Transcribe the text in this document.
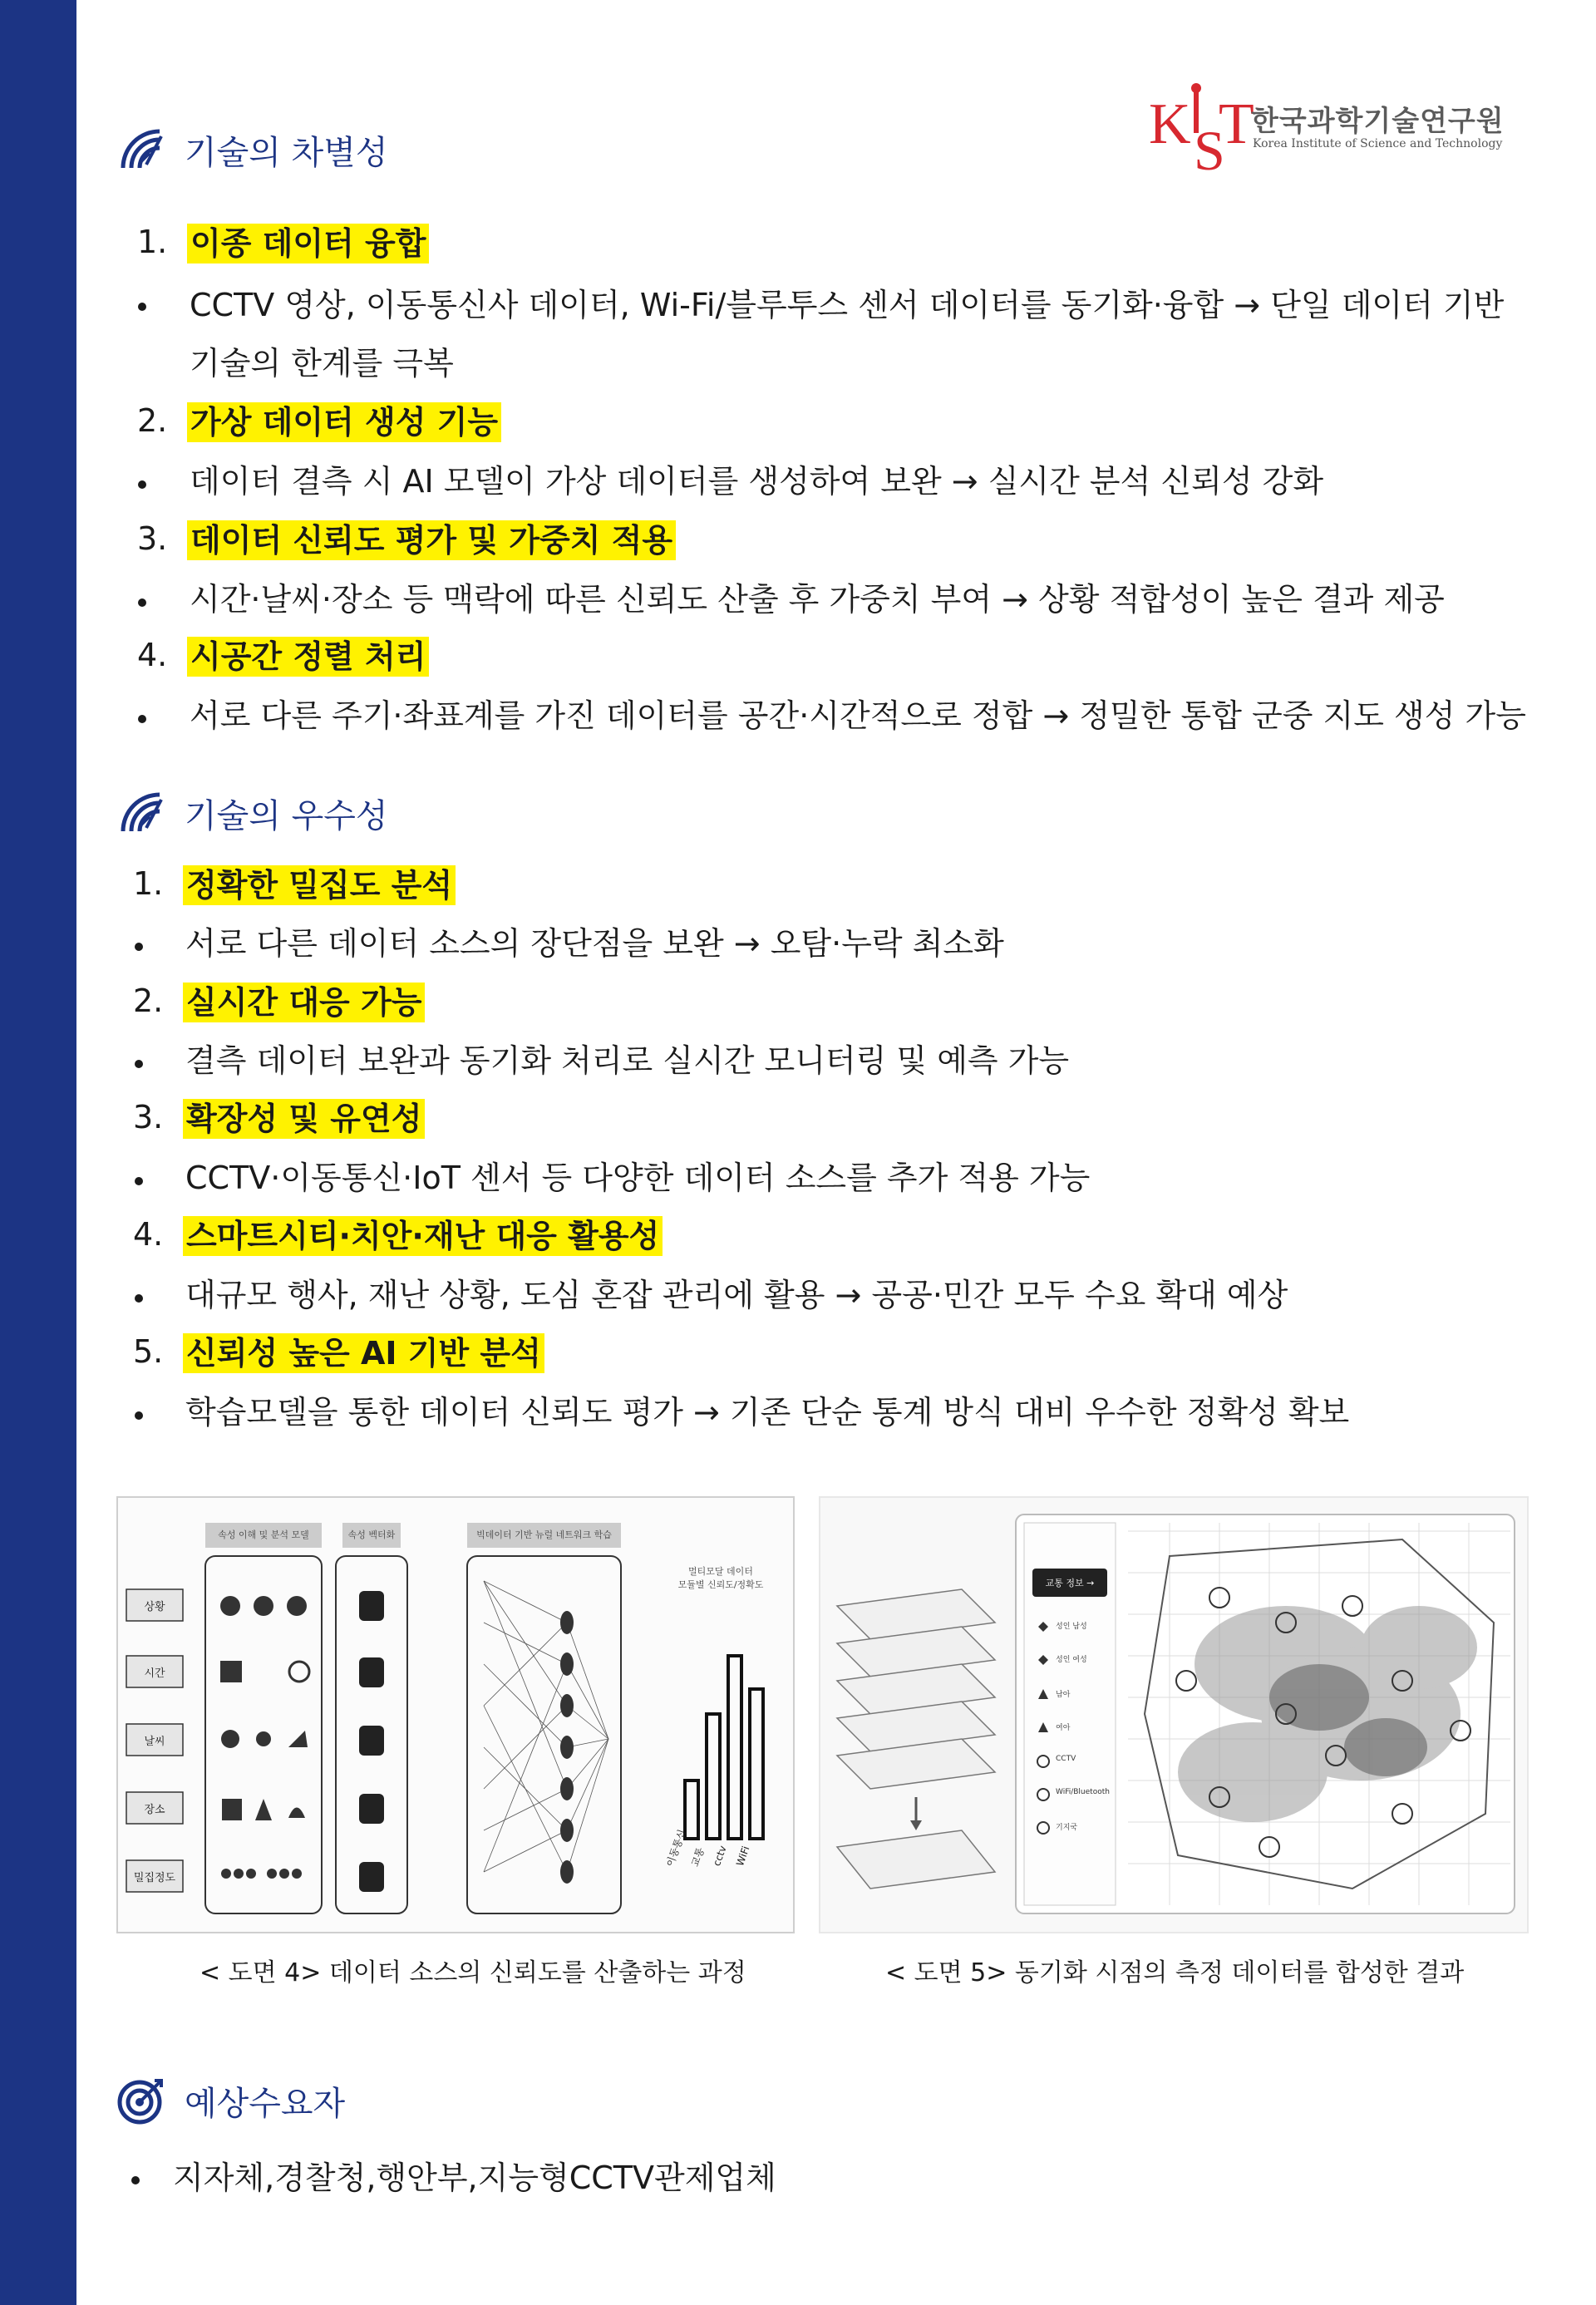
K S
T
한국과학기술연구원
Korea Institute of Science and Technology
기술의 차별성
1. 이종 데이터 융합
CCTV 영상, 이동통신사 데이터, Wi-Fi/블루투스 센서 데이터를 동기화·융합 → 단일 데이터 기반
기술의 한계를 극복
2. 가상 데이터 생성 기능
데이터 결측 시 AI 모델이 가상 데이터를 생성하여 보완 → 실시간 분석 신뢰성 강화
3. 데이터 신뢰도 평가 및 가중치 적용
시간·날씨·장소 등 맥락에 따른 신뢰도 산출 후 가중치 부여 → 상황 적합성이 높은 결과 제공
4. 시공간 정렬 처리
서로 다른 주기·좌표계를 가진 데이터를 공간·시간적으로 정합 → 정밀한 통합 군중 지도 생성 가능
기술의 우수성
1. 정확한 밀집도 분석
서로 다른 데이터 소스의 장단점을 보완 → 오탐·누락 최소화
2. 실시간 대응 가능
결측 데이터 보완과 동기화 처리로 실시간 모니터링 및 예측 가능
3. 확장성 및 유연성
CCTV·이동통신·IoT 센서 등 다양한 데이터 소스를 추가 적용 가능
4. 스마트시티·치안·재난 대응 활용성
대규모 행사, 재난 상황, 도심 혼잡 관리에 활용 → 공공·민간 모두 수요 확대 예상
5. 신뢰성 높은 AI 기반 분석
학습모델을 통한 데이터 신뢰도 평가 → 기존 단순 통계 방식 대비 우수한 정확성 확보
속성 이해 및 분석 모델	속성 벡터화	빅데이터 기반 뉴럴 네트워크 학습
멀티모달 데이터
모듈별 신뢰도/정확도
상황
시간
날씨
장소
밀집정도
이동통신 교통 cctv WiFi
< 도면 4> 데이터 소스의 신뢰도를 산출하는 과정
교통 정보 →
성인 남성
성인 여성
남아
여아
CCTV
WiFi/Bluetooth
기지국
< 도면 5> 동기화 시점의 측정 데이터를 합성한 결과
예상수요자
지자체,경찰청,행안부,지능형CCTV관제업체
